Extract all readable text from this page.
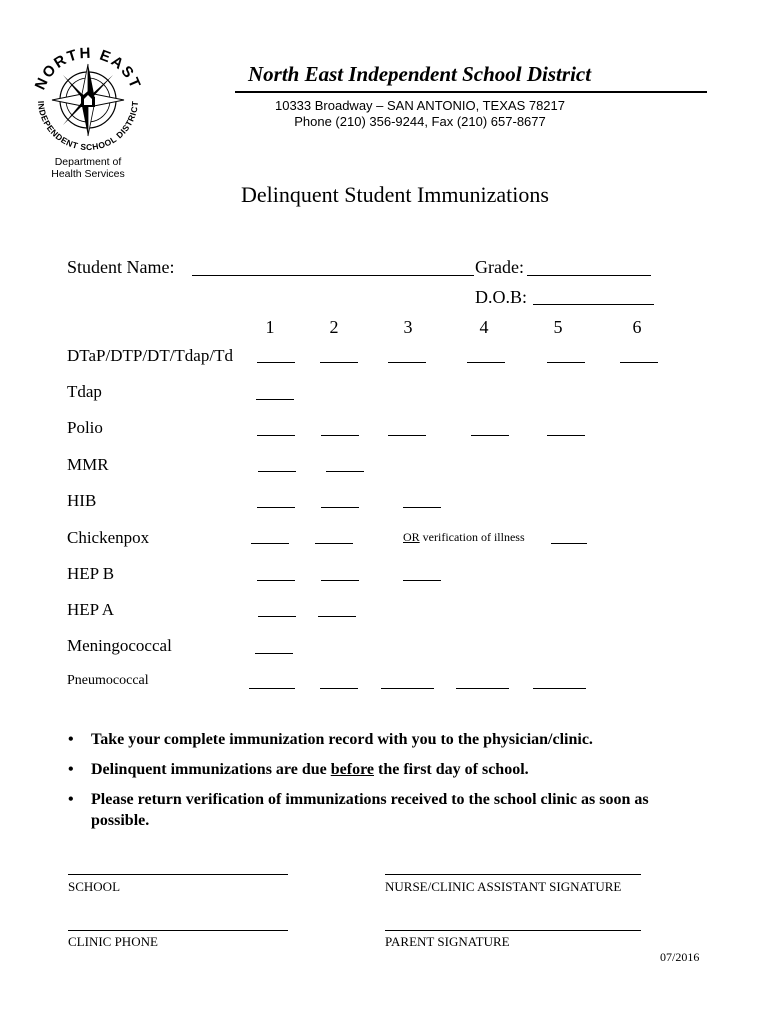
NORTH EAST
INDEPENDENT SCHOOL DISTRICT
Department of
Health Services
North East Independent School District
10333 Broadway – SAN ANTONIO, TEXAS 78217
Phone (210) 356-9244, Fax (210) 657-8677
Delinquent Student Immunizations
Student Name:	Grade:
D.O.B:
1	2	3	4	5	6
DTaP/DTP/DT/Tdap/Td
Tdap
Polio
MMR
HIB
Chickenpox	OR verification of illness
HEP B
HEP A
Meningococcal
Pneumococcal
• Take your complete immunization record with you to the physician/clinic.
• Delinquent immunizations are due before the first day of school.
• Please return verification of immunizations received to the school clinic as soon as possible.
SCHOOL	NURSE/CLINIC ASSISTANT SIGNATURE
CLINIC PHONE	PARENT SIGNATURE
07/2016
